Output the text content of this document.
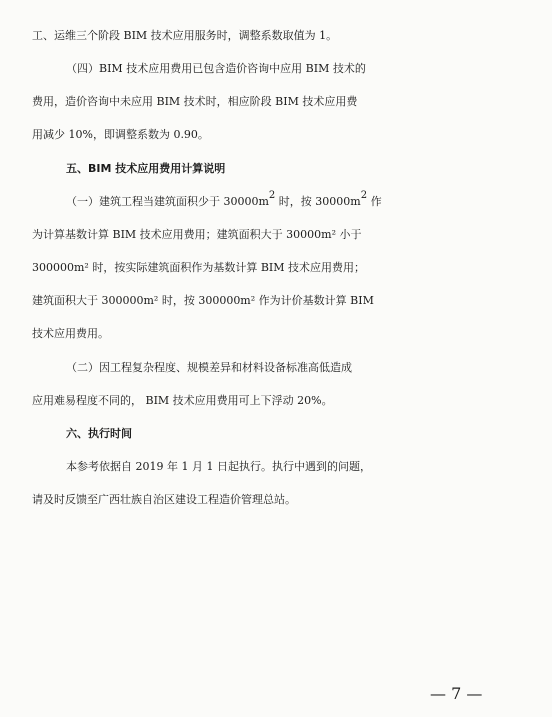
工、运维三个阶段 BIM 技术应用服务时，调整系数取值为 1。
（四）BIM 技术应用费用已包含造价咨询中应用 BIM 技术的
费用，造价咨询中未应用 BIM 技术时，相应阶段 BIM 技术应用费
用减少 10%，即调整系数为 0.90。
五、BIM 技术应用费用计算说明
（一）建筑工程当建筑面积少于 $30000m^2$ 时，按 $30000m^2$ 作
为计算基数计算 BIM 技术应用费用；建筑面积大于 30000m² 小于
300000m² 时，按实际建筑面积作为基数计算 BIM 技术应用费用；
建筑面积大于 300000m² 时，按 300000m² 作为计价基数计算 BIM
技术应用费用。
（二）因工程复杂程度、规模差异和材料设备标准高低造成
应用难易程度不同的， BIM 技术应用费用可上下浮动 20%。
六、执行时间
本参考依据自 2019 年 1 月 1 日起执行。执行中遇到的问题，
请及时反馈至广西壮族自治区建设工程造价管理总站。
— 7 —
